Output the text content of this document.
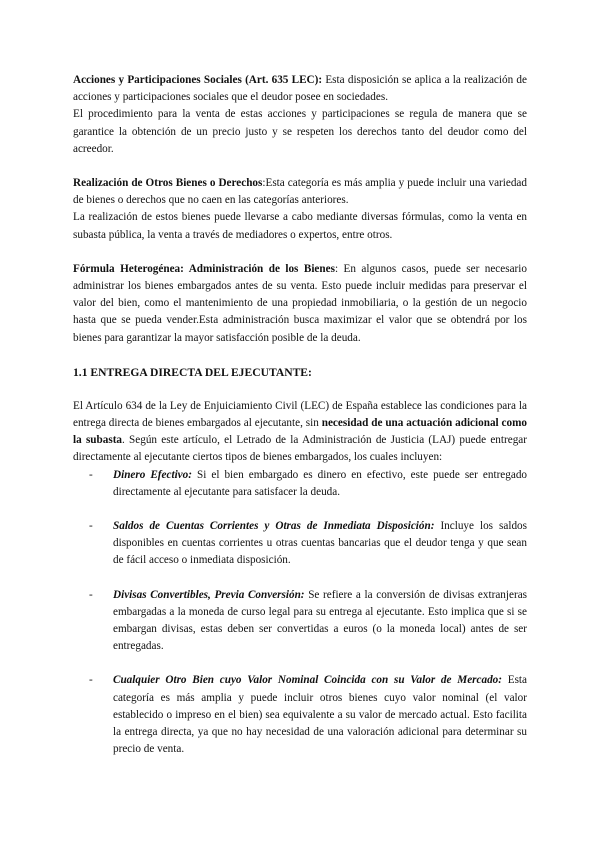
Acciones y Participaciones Sociales (Art. 635 LEC): Esta disposición se aplica a la realización de acciones y participaciones sociales que el deudor posee en sociedades.

El procedimiento para la venta de estas acciones y participaciones se regula de manera que se garantice la obtención de un precio justo y se respeten los derechos tanto del deudor como del acreedor.

Realización de Otros Bienes o Derechos:Esta categoría es más amplia y puede incluir una variedad de bienes o derechos que no caen en las categorías anteriores.

La realización de estos bienes puede llevarse a cabo mediante diversas fórmulas, como la venta en subasta pública, la venta a través de mediadores o expertos, entre otros.

Fórmula Heterogénea: Administración de los Bienes: En algunos casos, puede ser necesario administrar los bienes embargados antes de su venta. Esto puede incluir medidas para preservar el valor del bien, como el mantenimiento de una propiedad inmobiliaria, o la gestión de un negocio hasta que se pueda vender.Esta administración busca maximizar el valor que se obtendrá por los bienes para garantizar la mayor satisfacción posible de la deuda.

1.1 ENTREGA DIRECTA DEL EJECUTANTE:

El Artículo 634 de la Ley de Enjuiciamiento Civil (LEC) de España establece las condiciones para la entrega directa de bienes embargados al ejecutante, sin necesidad de una actuación adicional como la subasta. Según este artículo, el Letrado de la Administración de Justicia (LAJ) puede entregar directamente al ejecutante ciertos tipos de bienes embargados, los cuales incluyen:

- Dinero Efectivo: Si el bien embargado es dinero en efectivo, este puede ser entregado directamente al ejecutante para satisfacer la deuda.
- Saldos de Cuentas Corrientes y Otras de Inmediata Disposición: Incluye los saldos disponibles en cuentas corrientes u otras cuentas bancarias que el deudor tenga y que sean de fácil acceso o inmediata disposición.
- Divisas Convertibles, Previa Conversión: Se refiere a la conversión de divisas extranjeras embargadas a la moneda de curso legal para su entrega al ejecutante. Esto implica que si se embargan divisas, estas deben ser convertidas a euros (o la moneda local) antes de ser entregadas.
- Cualquier Otro Bien cuyo Valor Nominal Coincida con su Valor de Mercado: Esta categoría es más amplia y puede incluir otros bienes cuyo valor nominal (el valor establecido o impreso en el bien) sea equivalente a su valor de mercado actual. Esto facilita la entrega directa, ya que no hay necesidad de una valoración adicional para determinar su precio de venta.
